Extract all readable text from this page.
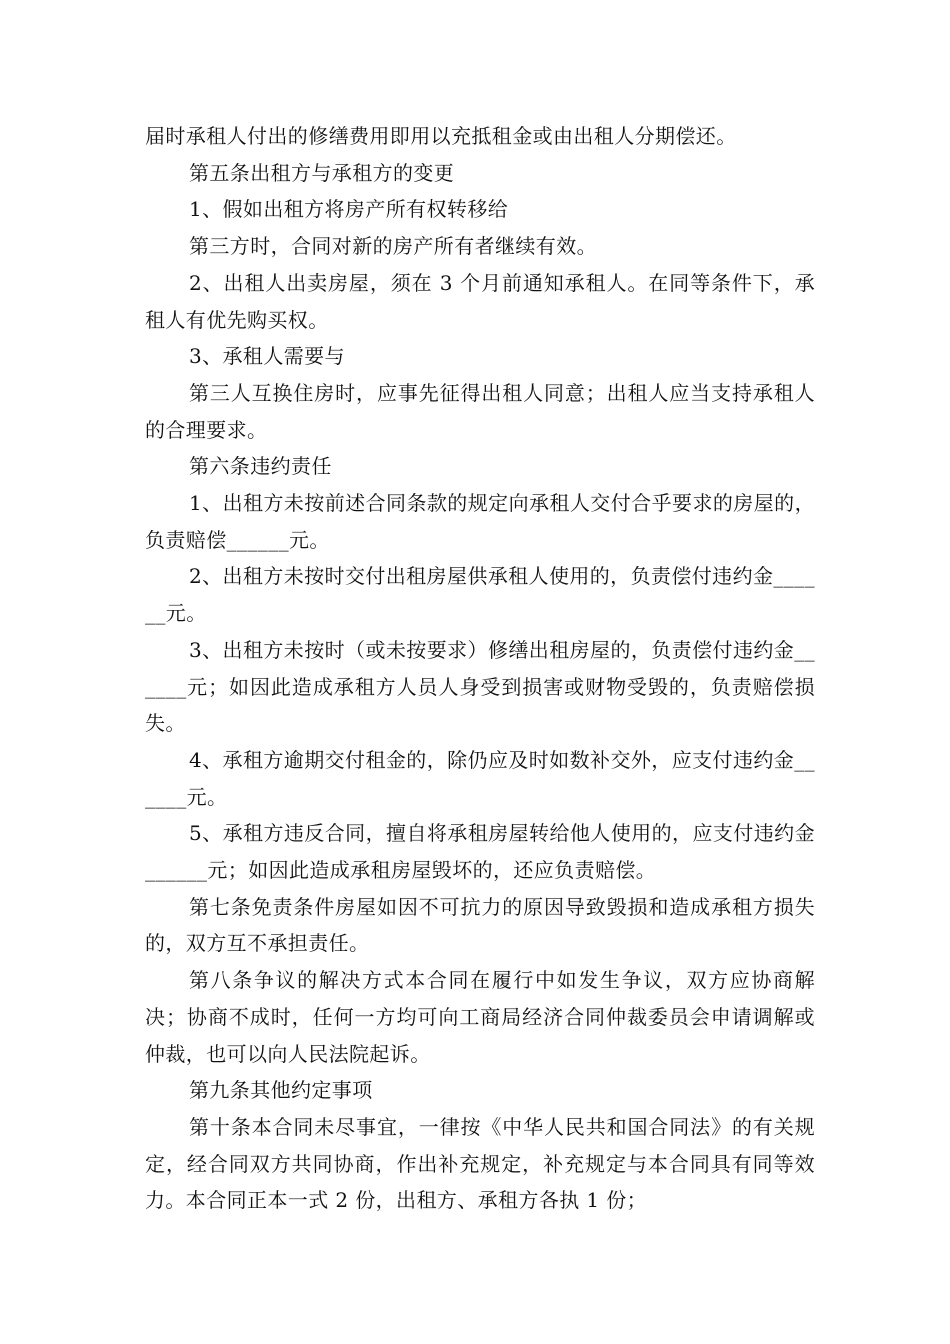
届时承租人付出的修缮费用即用以充抵租金或由出租人分期偿还。

第五条出租方与承租方的变更

1、假如出租方将房产所有权转移给

第三方时，合同对新的房产所有者继续有效。

2、出租人出卖房屋，须在 3 个月前通知承租人。在同等条件下，承租人有优先购买权。

3、承租人需要与

第三人互换住房时，应事先征得出租人同意；出租人应当支持承租人的合理要求。

第六条违约责任

1、出租方未按前述合同条款的规定向承租人交付合乎要求的房屋的，负责赔偿______元。

2、出租方未按时交付出租房屋供承租人使用的，负责偿付违约金______元。

3、出租方未按时（或未按要求）修缮出租房屋的，负责偿付违约金______元；如因此造成承租方人员人身受到损害或财物受毁的，负责赔偿损失。

4、承租方逾期交付租金的，除仍应及时如数补交外，应支付违约金______元。

5、承租方违反合同，擅自将承租房屋转给他人使用的，应支付违约金______元；如因此造成承租房屋毁坏的，还应负责赔偿。

第七条免责条件房屋如因不可抗力的原因导致毁损和造成承租方损失的，双方互不承担责任。

第八条争议的解决方式本合同在履行中如发生争议，双方应协商解决；协商不成时，任何一方均可向工商局经济合同仲裁委员会申请调解或仲裁，也可以向人民法院起诉。

第九条其他约定事项

第十条本合同未尽事宜，一律按《中华人民共和国合同法》的有关规定，经合同双方共同协商，作出补充规定，补充规定与本合同具有同等效力。本合同正本一式 2 份，出租方、承租方各执 1 份；
